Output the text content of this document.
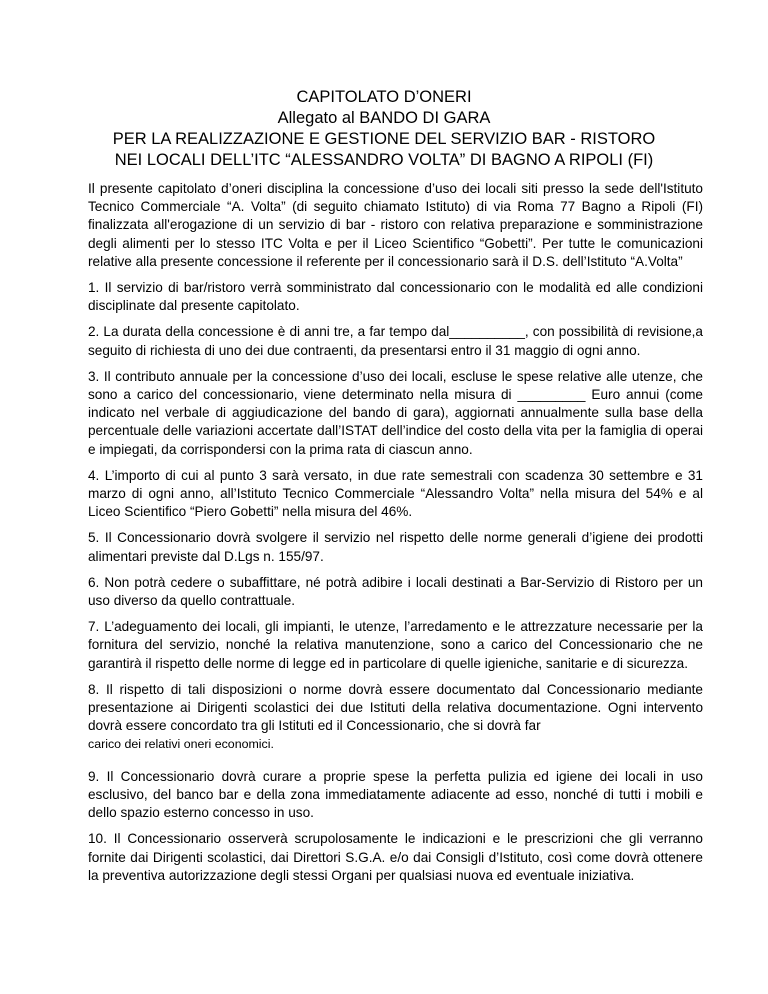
CAPITOLATO D’ONERI
Allegato al BANDO DI GARA
PER LA REALIZZAZIONE E GESTIONE DEL SERVIZIO BAR - RISTORO
NEI LOCALI DELL’ITC “ALESSANDRO VOLTA” DI BAGNO A RIPOLI (FI)

Il presente capitolato d’oneri disciplina la concessione d’uso dei locali siti presso la sede dell'Istituto Tecnico Commerciale “A. Volta” (di seguito chiamato Istituto) di via Roma 77 Bagno a Ripoli (FI) finalizzata all'erogazione di un servizio di bar - ristoro con relativa preparazione e somministrazione degli alimenti per lo stesso ITC Volta e per il Liceo Scientifico “Gobetti”. Per tutte le comunicazioni relative alla presente concessione il referente per il concessionario sarà il D.S. dell’Istituto “A.Volta”

1. Il servizio di bar/ristoro verrà somministrato dal concessionario con le modalità ed alle condizioni disciplinate dal presente capitolato.

2. La durata della concessione è di anni tre, a far tempo dal__________, con possibilità di revisione,a seguito di richiesta di uno dei due contraenti, da presentarsi entro il 31 maggio di ogni anno.

3. Il contributo annuale per la concessione d’uso dei locali, escluse le spese relative alle utenze, che sono a carico del concessionario, viene determinato nella misura di _________ Euro annui (come indicato nel verbale di aggiudicazione del bando di gara), aggiornati annualmente sulla base della percentuale delle variazioni accertate dall’ISTAT dell’indice del costo della vita per la famiglia di operai e impiegati, da corrispondersi con la prima rata di ciascun anno.

4. L’importo di cui al punto 3 sarà versato, in due rate semestrali con scadenza 30 settembre e 31 marzo di ogni anno, all’Istituto Tecnico Commerciale “Alessandro Volta” nella misura del 54% e al Liceo Scientifico “Piero Gobetti” nella misura del 46%.

5. Il Concessionario dovrà svolgere il servizio nel rispetto delle norme generali d’igiene dei prodotti alimentari previste dal D.Lgs n. 155/97.

6. Non potrà cedere o subaffittare, né potrà adibire i locali destinati a Bar-Servizio di Ristoro per un uso diverso da quello contrattuale.

7. L’adeguamento dei locali, gli impianti, le utenze, l’arredamento e le attrezzature necessarie per la fornitura del servizio, nonché la relativa manutenzione, sono a carico del Concessionario che ne garantirà il rispetto delle norme di legge ed in particolare di quelle igieniche, sanitarie e di sicurezza.

8. Il rispetto di tali disposizioni o norme dovrà essere documentato dal Concessionario mediante presentazione ai Dirigenti scolastici dei due Istituti della relativa documentazione. Ogni intervento dovrà essere concordato tra gli Istituti ed il Concessionario, che si dovrà far

carico dei relativi oneri economici.

9. Il Concessionario dovrà curare a proprie spese la perfetta pulizia ed igiene dei locali in uso esclusivo, del banco bar e della zona immediatamente adiacente ad esso, nonché di tutti i mobili e dello spazio esterno concesso in uso.

10. Il Concessionario osserverà scrupolosamente le indicazioni e le prescrizioni che gli verranno fornite dai Dirigenti scolastici, dai Direttori S.G.A. e/o dai Consigli d’Istituto, così come dovrà ottenere la preventiva autorizzazione degli stessi Organi per qualsiasi nuova ed eventuale iniziativa.
